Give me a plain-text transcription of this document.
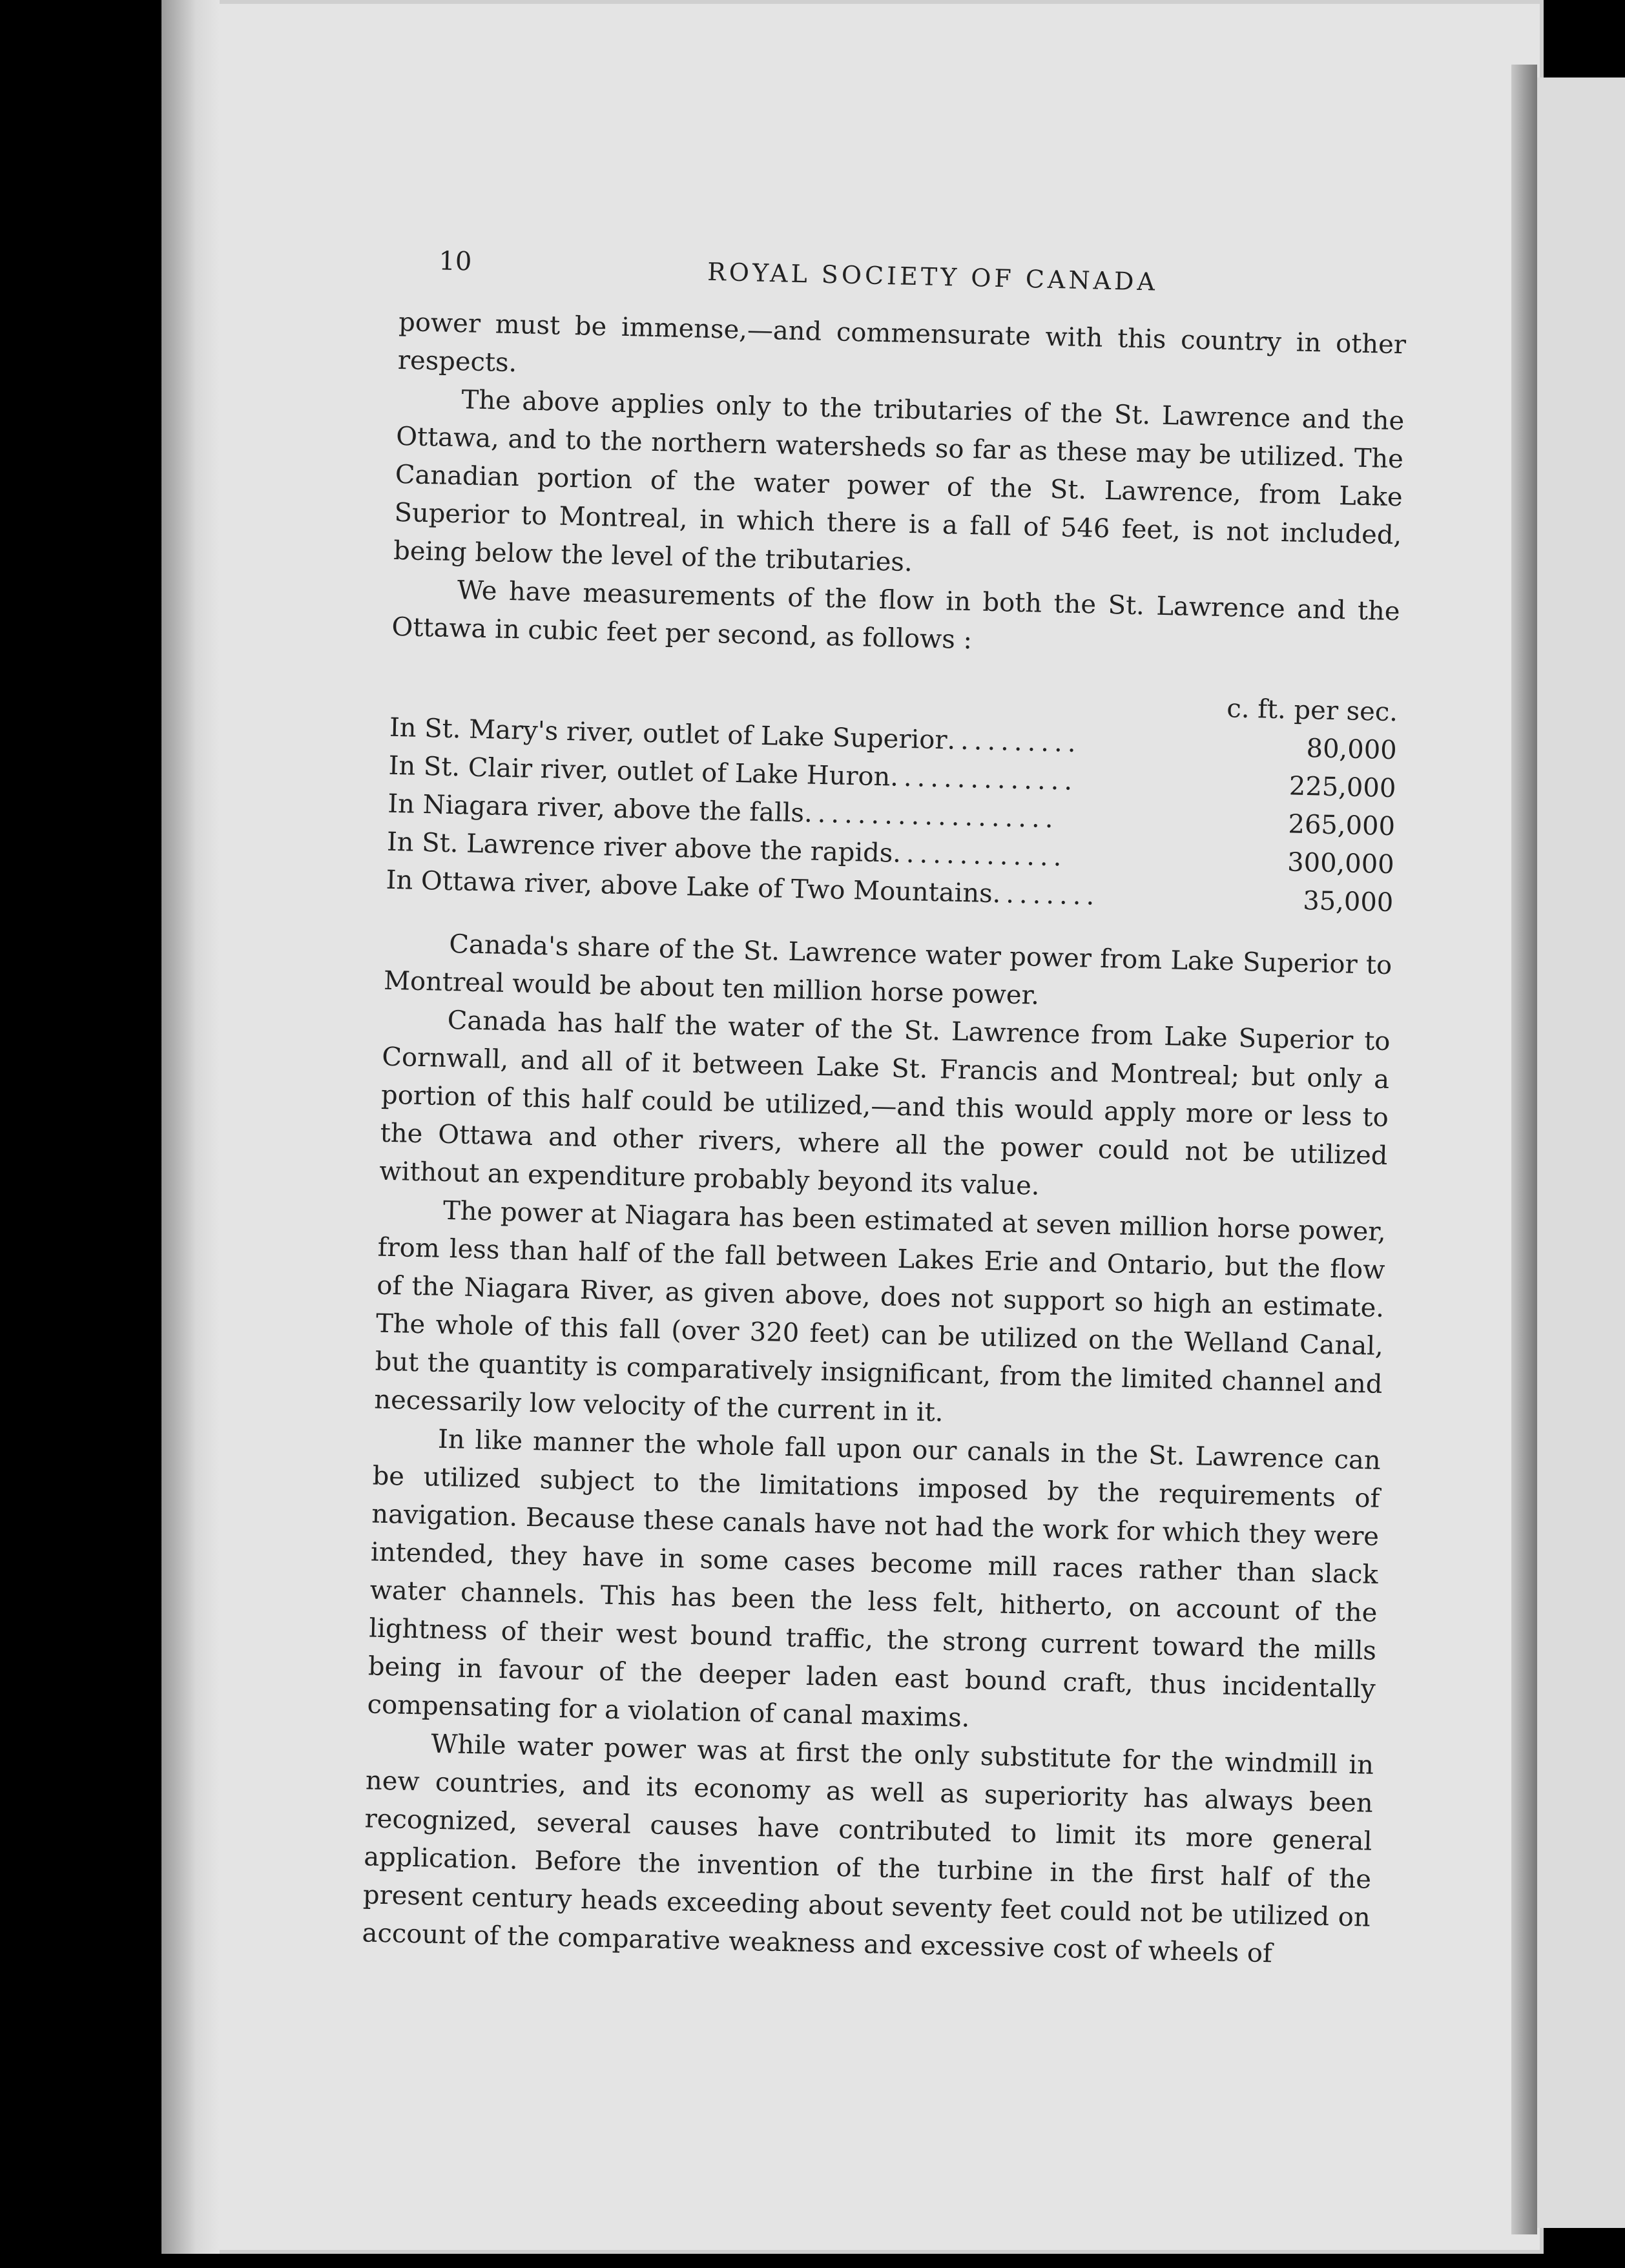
10	ROYAL SOCIETY OF CANADA

power must be immense,—and commensurate with this country in other respects.

The above applies only to the tributaries of the St. Lawrence and the Ottawa, and to the northern watersheds so far as these may be utilized. The Canadian portion of the water power of the St. Lawrence, from Lake Superior to Montreal, in which there is a fall of 546 feet, is not included, being below the level of the tributaries.

We have measurements of the flow in both the St. Lawrence and the Ottawa in cubic feet per second, as follows :

	c. ft. per sec.
In St. Mary's river, outlet of Lake Superior..........	80,000
In St. Clair river, outlet of Lake Huron..............	225,000
In Niagara river, above the falls...................	265,000
In St. Lawrence river above the rapids.............	300,000
In Ottawa river, above Lake of Two Mountains........	35,000

Canada's share of the St. Lawrence water power from Lake Superior to Montreal would be about ten million horse power.

Canada has half the water of the St. Lawrence from Lake Superior to Cornwall, and all of it between Lake St. Francis and Montreal; but only a portion of this half could be utilized,—and this would apply more or less to the Ottawa and other rivers, where all the power could not be utilized without an expenditure probably beyond its value.

The power at Niagara has been estimated at seven million horse power, from less than half of the fall between Lakes Erie and Ontario, but the flow of the Niagara River, as given above, does not support so high an estimate. The whole of this fall (over 320 feet) can be utilized on the Welland Canal, but the quantity is comparatively insignificant, from the limited channel and necessarily low velocity of the current in it.

In like manner the whole fall upon our canals in the St. Lawrence can be utilized subject to the limitations imposed by the requirements of navigation. Because these canals have not had the work for which they were intended, they have in some cases become mill races rather than slack water channels. This has been the less felt, hitherto, on account of the lightness of their west bound traffic, the strong current toward the mills being in favour of the deeper laden east bound craft, thus incidentally compensating for a violation of canal maxims.

While water power was at first the only substitute for the windmill in new countries, and its economy as well as superiority has always been recognized, several causes have contributed to limit its more general application. Before the invention of the turbine in the first half of the present century heads exceeding about seventy feet could not be utilized on account of the comparative weakness and excessive cost of wheels of
